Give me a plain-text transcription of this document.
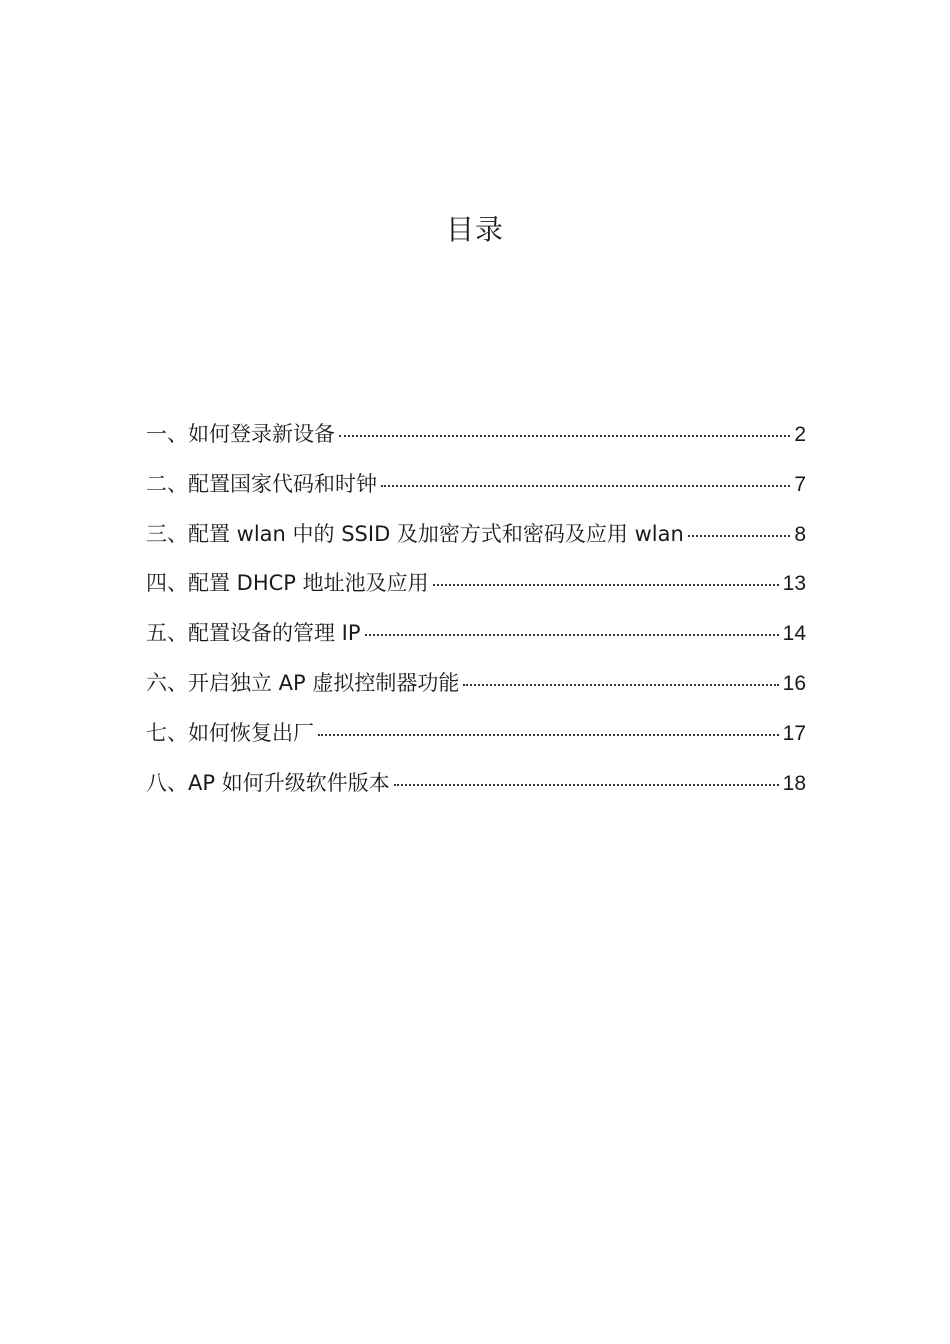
目录
一、如何登录新设备	2
二、配置国家代码和时钟	7
三、配置 wlan 中的 SSID 及加密方式和密码及应用 wlan	8
四、配置 DHCP 地址池及应用	13
五、配置设备的管理 IP	14
六、开启独立 AP 虚拟控制器功能	16
七、如何恢复出厂	17
八、AP 如何升级软件版本	18
